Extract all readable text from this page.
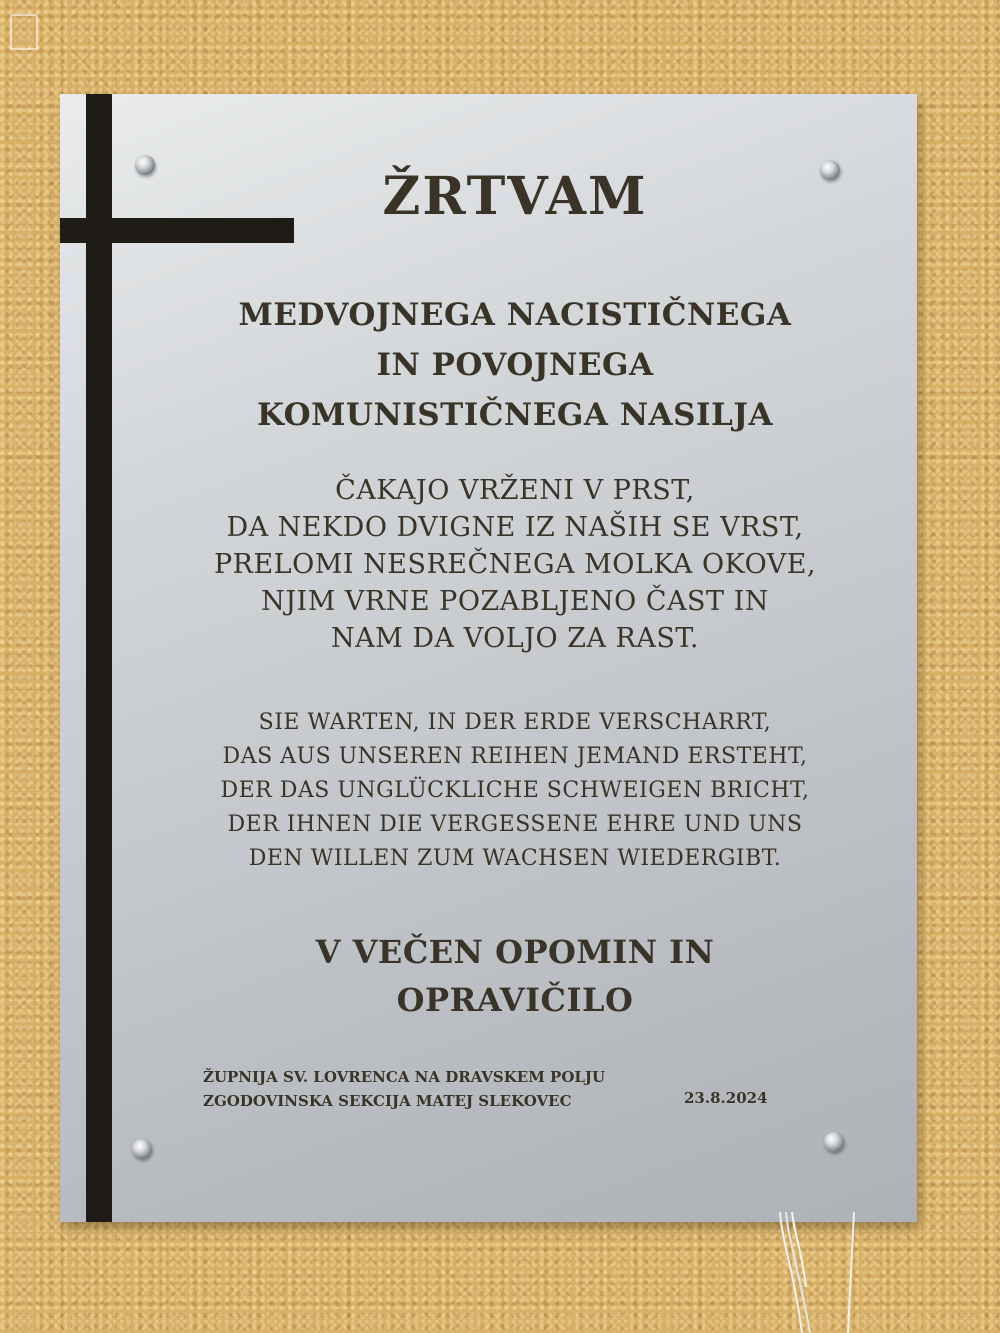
ŽRTVAM
MEDVOJNEGA NACISTIČNEGA
IN POVOJNEGA
KOMUNISTIČNEGA NASILJA
ČAKAJO VRŽENI V PRST,
DA NEKDO DVIGNE IZ NAŠIH SE VRST,
PRELOMI NESREČNEGA MOLKA OKOVE,
NJIM VRNE POZABLJENO ČAST IN
NAM DA VOLJO ZA RAST.
SIE WARTEN, IN DER ERDE VERSCHARRT,
DAS AUS UNSEREN REIHEN JEMAND ERSTEHT,
DER DAS UNGLÜCKLICHE SCHWEIGEN BRICHT,
DER IHNEN DIE VERGESSENE EHRE UND UNS
DEN WILLEN ZUM WACHSEN WIEDERGIBT.
V VEČEN OPOMIN IN
OPRAVIČILO
ŽUPNIJA SV. LOVRENCA NA DRAVSKEM POLJU
ZGODOVINSKA SEKCIJA MATEJ SLEKOVEC	23.8.2024
